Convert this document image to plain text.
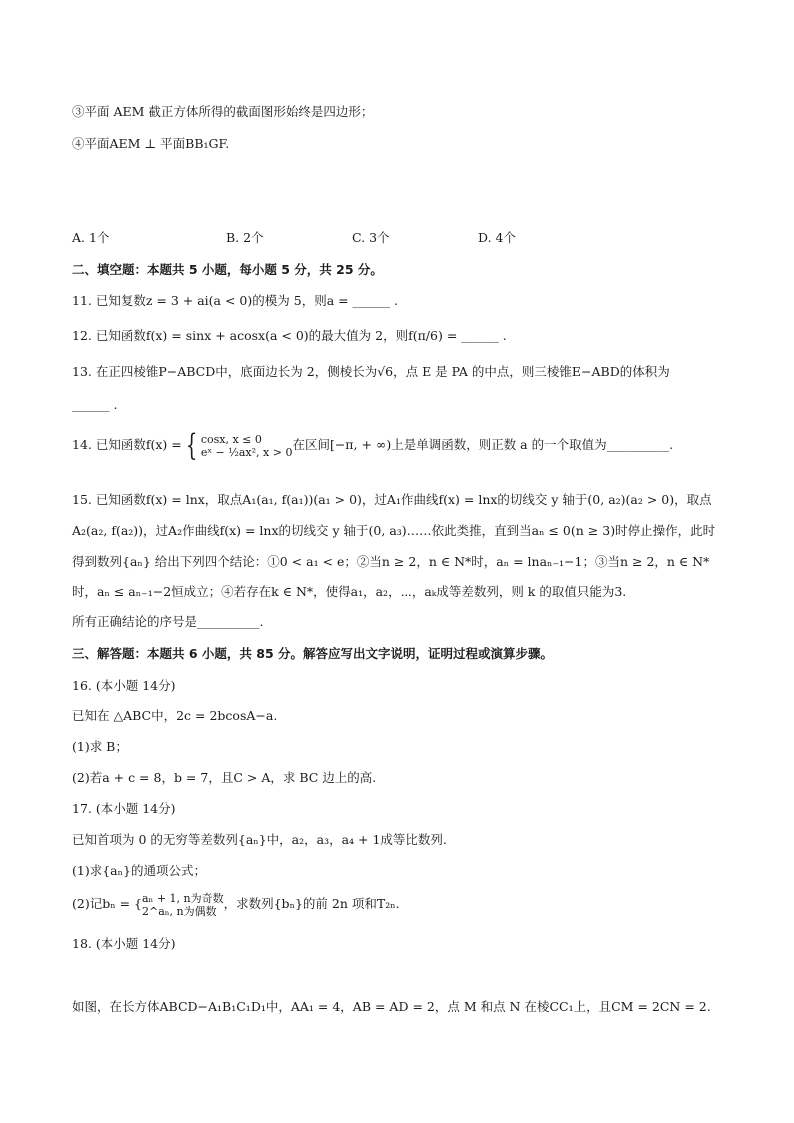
③平面 AEM 截正方体所得的截面图形始终是四边形；
④平面AEM ⊥ 平面BB₁GF.
A. 1个	B. 2个	C. 3个	D. 4个
二、填空题：本题共 5 小题，每小题 5 分，共 25 分。
11. 已知复数z = 3 + ai(a < 0)的模为 5，则a = ______ .
12. 已知函数f(x) = sinx + acosx(a < 0)的最大值为 2，则f(π/6) = ______ .
13. 在正四棱锥P−ABCD中，底面边长为 2，侧棱长为√6，点 E 是 PA 的中点，则三棱锥E−ABD的体积为
______ .
14. 已知函数f(x) = { cosx, x ≤ 0
eˣ − ½ax², x > 0在区间[−π, + ∞)上是单调函数，则正数 a 的一个取值为__________.
15. 已知函数f(x) = lnx，取点A₁(a₁, f(a₁))(a₁ > 0)，过A₁作曲线f(x) = lnx的切线交 y 轴于(0, a₂)(a₂ > 0)，取点
A₂(a₂, f(a₂))，过A₂作曲线f(x) = lnx的切线交 y 轴于(0, a₃)……依此类推，直到当aₙ ≤ 0(n ≥ 3)时停止操作，此时
得到数列{aₙ} 给出下列四个结论：①0 < a₁ < e；②当n ≥ 2，n ∈ N*时，aₙ = lnaₙ₋₁−1；③当n ≥ 2，n ∈ N*
时，aₙ ≤ aₙ₋₁−2恒成立；④若存在k ∈ N*，使得a₁，a₂，⋯，aₖ成等差数列，则 k 的取值只能为3.
所有正确结论的序号是__________.
三、解答题：本题共 6 小题，共 85 分。解答应写出文字说明，证明过程或演算步骤。
16. (本小题 14分)
已知在 △ABC中，2c = 2bcosA−a.
(1)求 B；
(2)若a + c = 8，b = 7，且C > A，求 BC 边上的高.
17. (本小题 14分)
已知首项为 0 的无穷等差数列{aₙ}中，a₂，a₃，a₄ + 1成等比数列.
(1)求{aₙ}的通项公式；
(2)记bₙ = {aₙ + 1, n为奇数
2^aₙ, n为偶数 ，求数列{bₙ}的前 2n 项和T₂ₙ.
18. (本小题 14分)
如图，在长方体ABCD−A₁B₁C₁D₁中，AA₁ = 4，AB = AD = 2，点 M 和点 N 在棱CC₁上，且CM = 2CN = 2.
